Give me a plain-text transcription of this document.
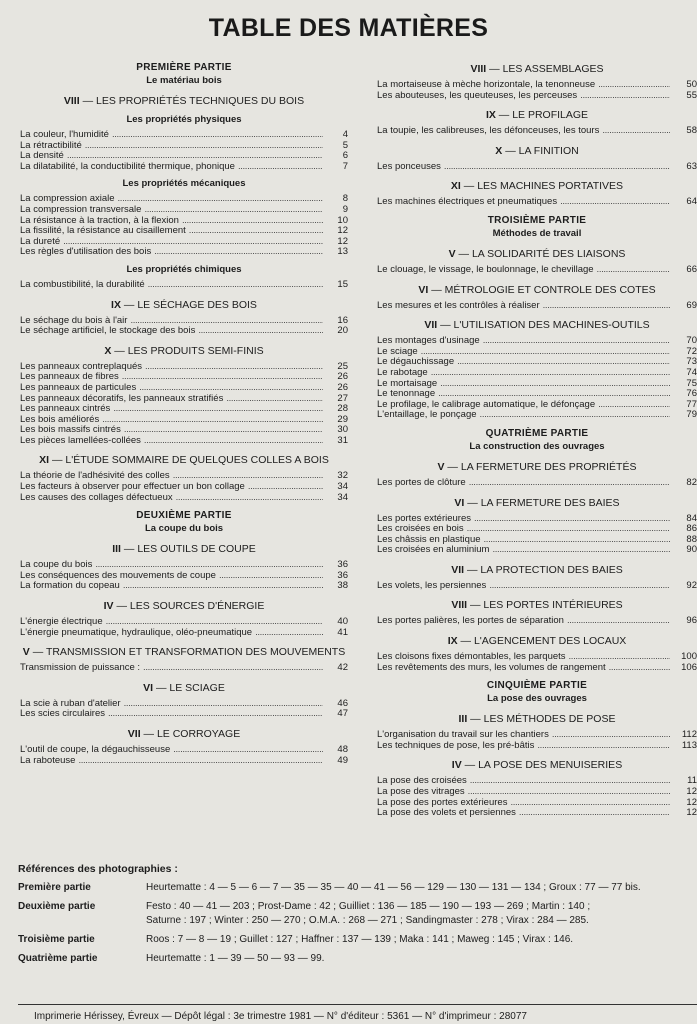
TABLE DES MATIÈRES
PREMIÈRE PARTIE
Le matériau bois
VIII — LES PROPRIÉTÉS TECHNIQUES DU BOIS
Les propriétés physiques
La couleur, l'humidité . . .	4
La rétractibilité . . .	5
La densité . . .	6
La dilatabilité, la conductibilité thermique, phonique . . .	7
Les propriétés mécaniques
La compression axiale . . .	8
La compression transversale . . .	9
La résistance à la traction, à la flexion . . .	10
La fissilité, la résistance au cisaillement . . .	12
La dureté . . .	12
Les règles d'utilisation des bois . . .	13
Les propriétés chimiques
La combustibilité, la durabilité . . .	15
IX — LE SÉCHAGE DES BOIS
Le séchage du bois à l'air . . .	16
Le séchage artificiel, le stockage des bois . . .	20
X — LES PRODUITS SEMI-FINIS
Les panneaux contreplaqués . . .	25
Les panneaux de fibres . . .	26
Les panneaux de particules . . .	26
Les panneaux décoratifs, les panneaux stratifiés . . .	27
Les panneaux cintrés . . .	28
Les bois améliorés . . .	29
Les bois massifs cintrés . . .	30
Les pièces lamellées-collées . . .	31
XI — L'ÉTUDE SOMMAIRE DE QUELQUES COLLES A BOIS
La théorie de l'adhésivité des colles . . .	32
Les facteurs à observer pour effectuer un bon collage . . .	34
Les causes des collages défectueux . . .	34
DEUXIÈME PARTIE
La coupe du bois
III — LES OUTILS DE COUPE
La coupe du bois . . .	36
Les conséquences des mouvements de coupe . . .	36
La formation du copeau . . .	38
IV — LES SOURCES D'ÉNERGIE
L'énergie électrique . . .	40
L'énergie pneumatique, hydraulique, oléo-pneumatique . . .	41
V — TRANSMISSION ET TRANSFORMATION DES MOUVEMENTS
Transmission de puissance : . . .	42
VI — LE SCIAGE
La scie à ruban d'atelier . . .	46
Les scies circulaires . . .	47
VII — LE CORROYAGE
L'outil de coupe, la dégauchisseuse . . .	48
La raboteuse . . .	49
VIII — LES ASSEMBLAGES
La mortaiseuse à mèche horizontale, la tenonneuse . . .	50
Les abouteuses, les queuteuses, les perceuses . . .	55
IX — LE PROFILAGE
La toupie, les calibreuses, les défonceuses, les tours . . .	58
X — LA FINITION
Les ponceuses . . .	63
XI — LES MACHINES PORTATIVES
Les machines électriques et pneumatiques . . .	64
TROISIÈME PARTIE
Méthodes de travail
V — LA SOLIDARITÉ DES LIAISONS
Le clouage, le vissage, le boulonnage, le chevillage . . .	66
VI — MÉTROLOGIE ET CONTROLE DES COTES
Les mesures et les contrôles à réaliser . . .	69
VII — L'UTILISATION DES MACHINES-OUTILS
Les montages d'usinage . . .	70
Le sciage . . .	72
Le dégauchissage . . .	73
Le rabotage . . .	74
Le mortaisage . . .	75
Le tenonnage . . .	76
Le profilage, le calibrage automatique, le défonçage . . .	77
L'entaillage, le ponçage . . .	79
QUATRIÈME PARTIE
La construction des ouvrages
V — LA FERMETURE DES PROPRIÉTÉS
Les portes de clôture . . .	82
VI — LA FERMETURE DES BAIES
Les portes extérieures . . .	84
Les croisées en bois . . .	86
Les châssis en plastique . . .	88
Les croisées en aluminium . . .	90
VII — LA PROTECTION DES BAIES
Les volets, les persiennes . . .	92
VIII — LES PORTES INTÉRIEURES
Les portes palières, les portes de séparation . . .	96
IX — L'AGENCEMENT DES LOCAUX
Les cloisons fixes démontables, les parquets . . .	100
Les revêtements des murs, les volumes de rangement . . .	106
CINQUIÈME PARTIE
La pose des ouvrages
III — LES MÉTHODES DE POSE
L'organisation du travail sur les chantiers . . .	112
Les techniques de pose, les pré-bâtis . . .	113
IV — LA POSE DES MENUISERIES
La pose des croisées . . .	11
La pose des vitrages . . .	12
La pose des portes extérieures . . .	12
La pose des volets et persiennes . . .	12
Références des photographies :
Première partie	Heurtematte : 4 — 5 — 6 — 7 — 35 — 35 — 40 — 41 — 56 — 129 — 130 — 131 — 134 ; Groux : 77 — 77 bis.
Deuxième partie	Festo : 40 — 41 — 203 ; Prost-Dame : 42 ; Guilliet : 136 — 185 — 190 — 193 — 269 ; Martin : 140 ;
Saturne : 197 ; Winter : 250 — 270 ; O.M.A. : 268 — 271 ; Sandingmaster : 278 ; Virax : 284 — 285.
Troisième partie	Roos : 7 — 8 — 19 ; Guillet : 127 ; Haffner : 137 — 139 ; Maka : 141 ; Maweg : 145 ; Virax : 146.
Quatrième partie	Heurtematte : 1 — 39 — 50 — 93 — 99.
Imprimerie Hérissey, Évreux — Dépôt légal : 3e trimestre 1981 — N° d'éditeur : 5361 — N° d'imprimeur : 28077
